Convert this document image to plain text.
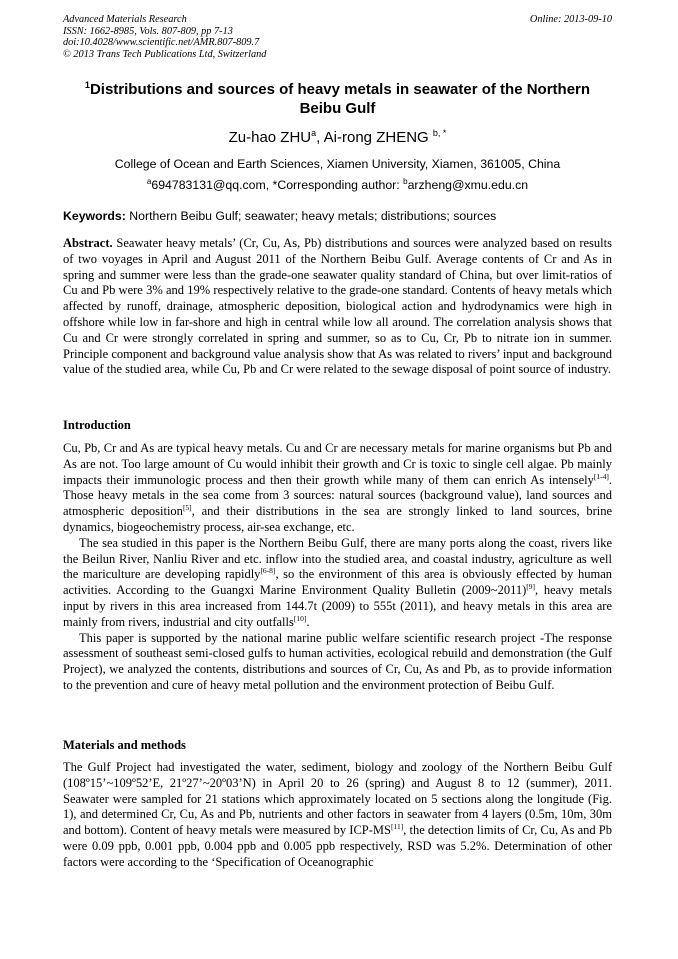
Advanced Materials Research
ISSN: 1662-8985, Vols. 807-809, pp 7-13
doi:10.4028/www.scientific.net/AMR.807-809.7
© 2013 Trans Tech Publications Ltd, Switzerland
Online: 2013-09-10
$^1$Distributions and sources of heavy metals in seawater of the Northern Beibu Gulf
Zu-hao ZHU$^a$, Ai-rong ZHENG $^{b, *}$
College of Ocean and Earth Sciences, Xiamen University, Xiamen, 361005, China
$^a$694783131@qq.com, *Corresponding author: $^b$arzheng@xmu.edu.cn
Keywords: Northern Beibu Gulf; seawater; heavy metals; distributions; sources

Abstract. Seawater heavy metals’ (Cr, Cu, As, Pb) distributions and sources were analyzed based on results of two voyages in April and August 2011 of the Northern Beibu Gulf. Average contents of Cr and As in spring and summer were less than the grade-one seawater quality standard of China, but over limit-ratios of Cu and Pb were 3% and 19% respectively relative to the grade-one standard. Contents of heavy metals which affected by runoff, drainage, atmospheric deposition, biological action and hydrodynamics were high in offshore while low in far-shore and high in central while low all around. The correlation analysis shows that Cu and Cr were strongly correlated in spring and summer, so as to Cu, Cr, Pb to nitrate ion in summer. Principle component and background value analysis show that As was related to rivers’ input and background value of the studied area, while Cu, Pb and Cr were related to the sewage disposal of point source of industry.

Introduction

Cu, Pb, Cr and As are typical heavy metals. Cu and Cr are necessary metals for marine organisms but Pb and As are not. Too large amount of Cu would inhibit their growth and Cr is toxic to single cell algae. Pb mainly impacts their immunologic process and then their growth while many of them can enrich As intensely[1-4]. Those heavy metals in the sea come from 3 sources: natural sources (background value), land sources and atmospheric deposition[5], and their distributions in the sea are strongly linked to land sources, brine dynamics, biogeochemistry process, air-sea exchange, etc.

The sea studied in this paper is the Northern Beibu Gulf, there are many ports along the coast, rivers like the Beilun River, Nanliu River and etc. inflow into the studied area, and coastal industry, agriculture as well the mariculture are developing rapidly[6-8], so the environment of this area is obviously effected by human activities. According to the Guangxi Marine Environment Quality Bulletin (2009~2011)[9], heavy metals input by rivers in this area increased from 144.7t (2009) to 555t (2011), and heavy metals in this area are mainly from rivers, industrial and city outfalls[10].

This paper is supported by the national marine public welfare scientific research project -The response assessment of southeast semi-closed gulfs to human activities, ecological rebuild and demonstration (the Gulf Project), we analyzed the contents, distributions and sources of Cr, Cu, As and Pb, as to provide information to the prevention and cure of heavy metal pollution and the environment protection of Beibu Gulf.

Materials and methods

The Gulf Project had investigated the water, sediment, biology and zoology of the Northern Beibu Gulf (108º15’~109º52’E, 21º27’~20º03’N) in April 20 to 26 (spring) and August 8 to 12 (summer), 2011. Seawater were sampled for 21 stations which approximately located on 5 sections along the longitude (Fig. 1), and determined Cr, Cu, As and Pb, nutrients and other factors in seawater from 4 layers (0.5m, 10m, 30m and bottom). Content of heavy metals were measured by ICP-MS[11], the detection limits of Cr, Cu, As and Pb were 0.09 ppb, 0.001 ppb, 0.004 ppb and 0.005 ppb respectively, RSD was 5.2%. Determination of other factors were according to the ‘Specification of Oceanographic
